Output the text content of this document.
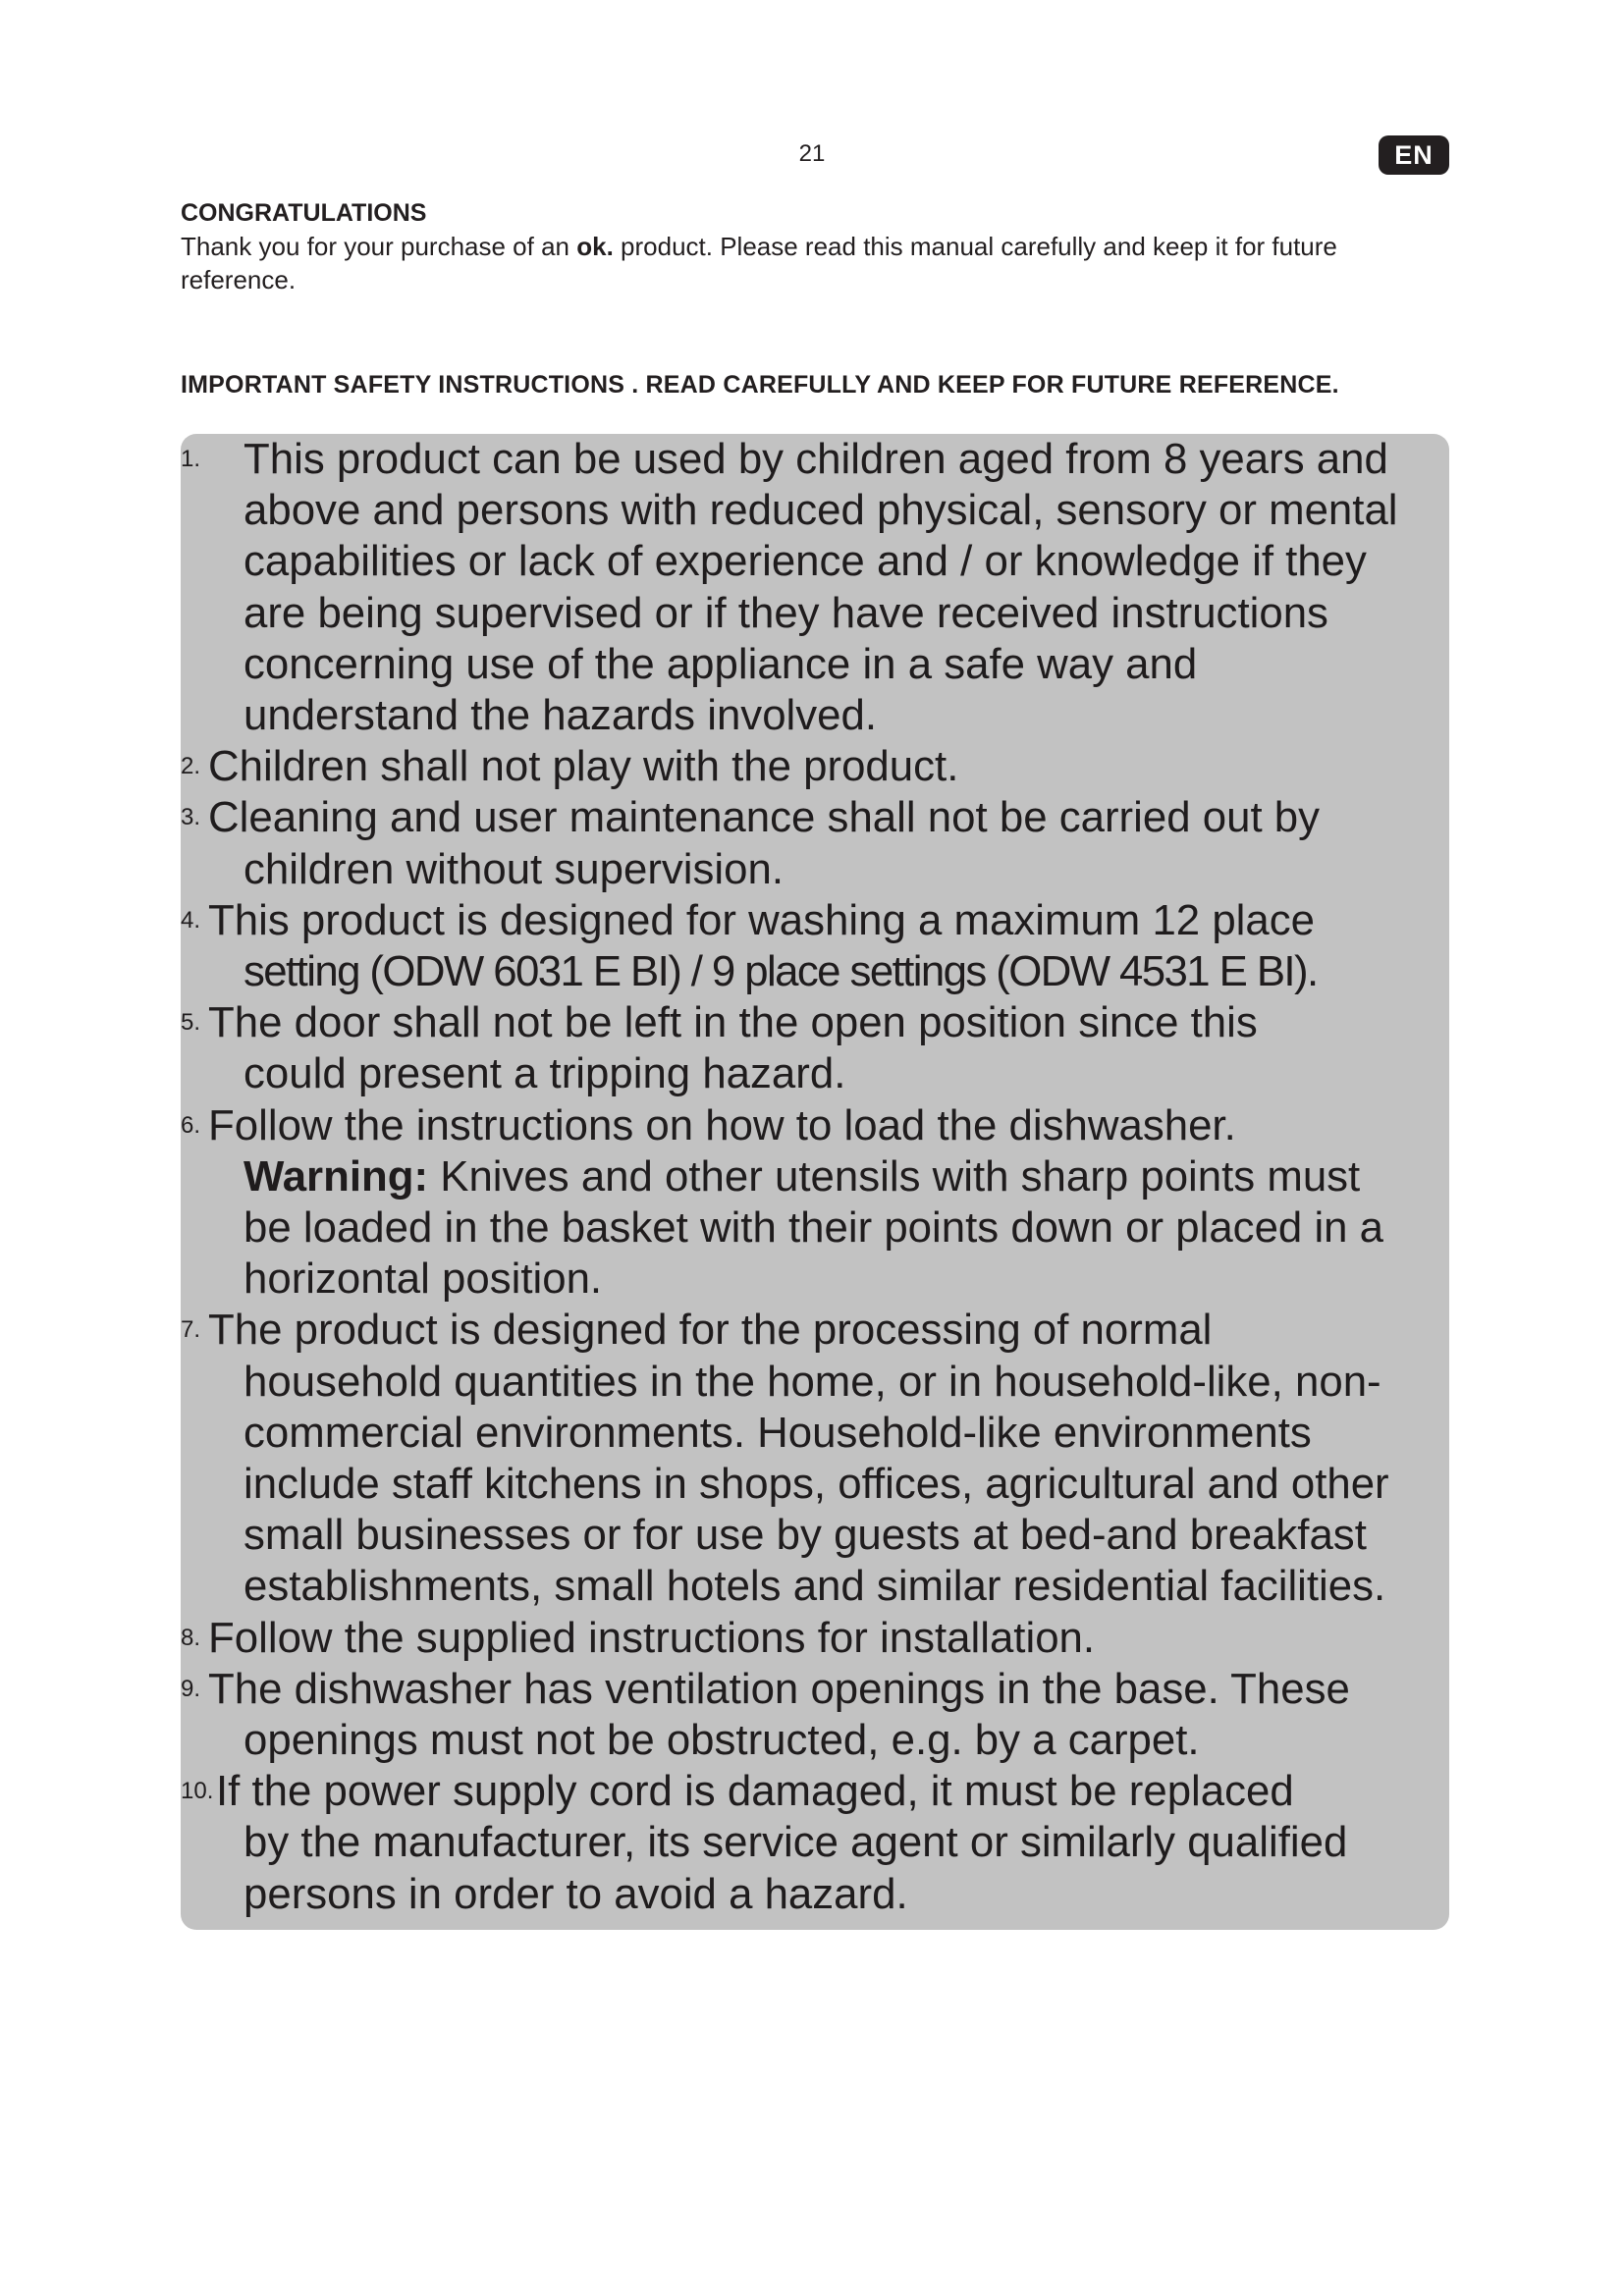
21	EN
CONGRATULATIONS
Thank you for your purchase of an ok. product. Please read this manual carefully and keep it for future reference.
IMPORTANT SAFETY INSTRUCTIONS . READ CAREFULLY AND KEEP FOR FUTURE REFERENCE.
1. This product can be used by children aged from 8 years and
above and persons with reduced physical, sensory or mental
capabilities or lack of experience and / or knowledge if they
are being supervised or if they have received instructions
concerning use of the appliance in a safe way and
understand the hazards involved.
2. Children shall not play with the product.
3. Cleaning and user maintenance shall not be carried out by
children without supervision.
4. This product is designed for washing a maximum 12 place
setting (ODW 6031 E BI) / 9 place settings (ODW 4531 E BI).
5. The door shall not be left in the open position since this
could present a tripping hazard.
6. Follow the instructions on how to load the dishwasher.
Warning: Knives and other utensils with sharp points must
be loaded in the basket with their points down or placed in a
horizontal position.
7. The product is designed for the processing of normal
household quantities in the home, or in household-like, non-
commercial environments. Household-like environments
include staff kitchens in shops, offices, agricultural and other
small businesses or for use by guests at bed-and breakfast
establishments, small hotels and similar residential facilities.
8. Follow the supplied instructions for installation.
9. The dishwasher has ventilation openings in the base. These
openings must not be obstructed, e.g. by a carpet.
10. If the power supply cord is damaged, it must be replaced
by the manufacturer, its service agent or similarly qualified
persons in order to avoid a hazard.
